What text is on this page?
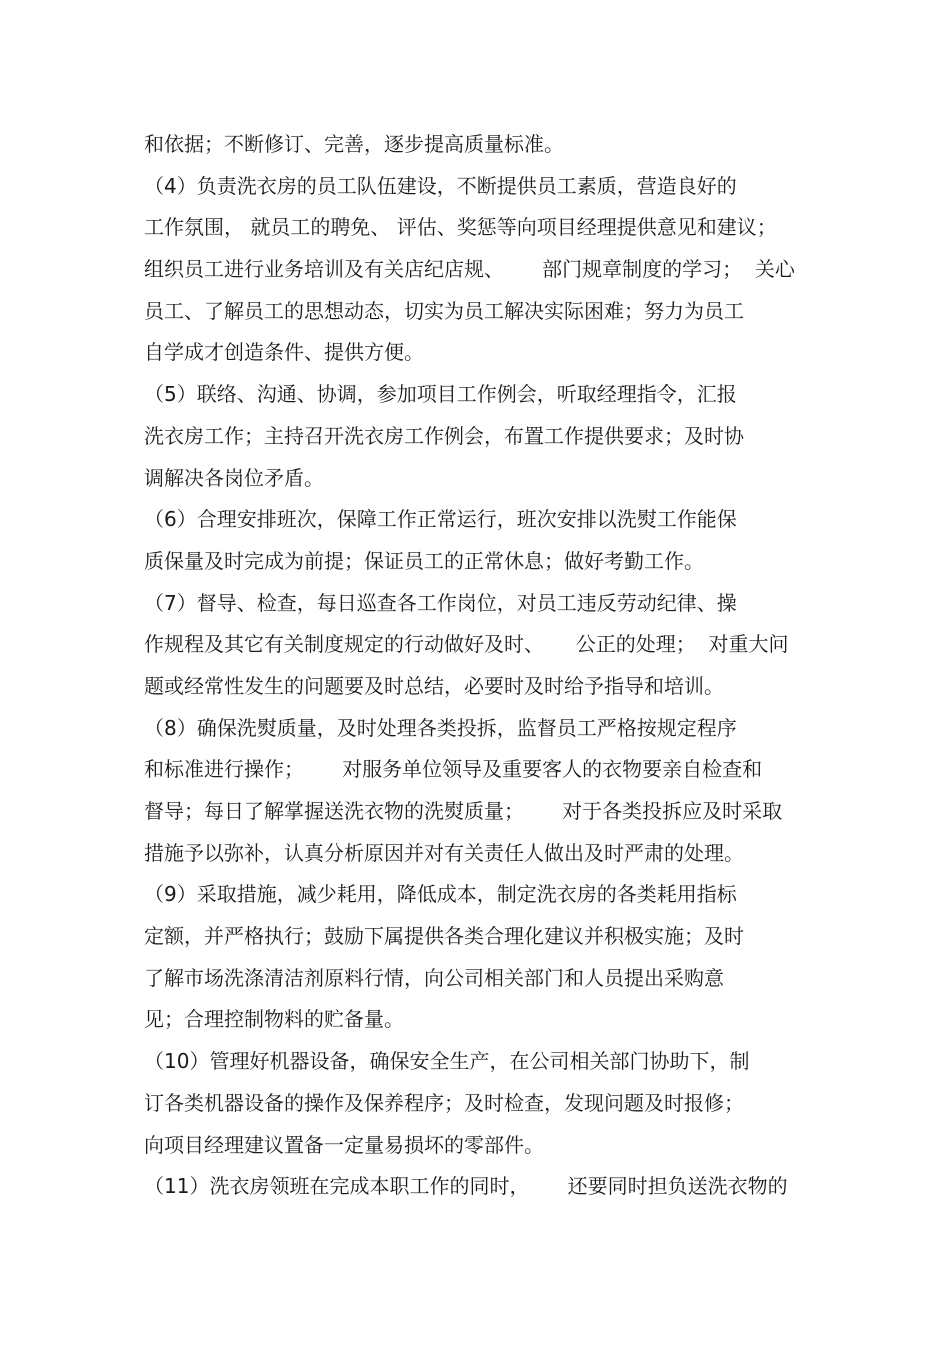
和依据；不断修订、完善，逐步提高质量标准。
（4）负责洗衣房的员工队伍建设，不断提供员工素质，营造良好的
工作氛围， 就员工的聘免、 评估、奖惩等向项目经理提供意见和建议；
组织员工进行业务培训及有关店纪店规、      部门规章制度的学习；  关心
员工、了解员工的思想动态，切实为员工解决实际困难；努力为员工
自学成才创造条件、提供方便。
（5）联络、沟通、协调，参加项目工作例会，听取经理指令，汇报
洗衣房工作；主持召开洗衣房工作例会，布置工作提供要求；及时协
调解决各岗位矛盾。
（6）合理安排班次，保障工作正常运行，班次安排以洗熨工作能保
质保量及时完成为前提；保证员工的正常休息；做好考勤工作。
（7）督导、检查，每日巡查各工作岗位，对员工违反劳动纪律、操
作规程及其它有关制度规定的行动做好及时、     公正的处理；  对重大问
题或经常性发生的问题要及时总结，必要时及时给予指导和培训。
（8）确保洗熨质量，及时处理各类投拆，监督员工严格按规定程序
和标准进行操作；      对服务单位领导及重要客人的衣物要亲自检查和
督导；每日了解掌握送洗衣物的洗熨质量；      对于各类投拆应及时采取
措施予以弥补，认真分析原因并对有关责任人做出及时严肃的处理。
（9）采取措施，减少耗用，降低成本，制定洗衣房的各类耗用指标
定额，并严格执行；鼓励下属提供各类合理化建议并积极实施；及时
了解市场洗涤清洁剂原料行情，向公司相关部门和人员提出采购意
见；合理控制物料的贮备量。
（10）管理好机器设备，确保安全生产，在公司相关部门协助下，制
订各类机器设备的操作及保养程序；及时检查，发现问题及时报修；
向项目经理建议置备一定量易损坏的零部件。
（11）洗衣房领班在完成本职工作的同时，      还要同时担负送洗衣物的
